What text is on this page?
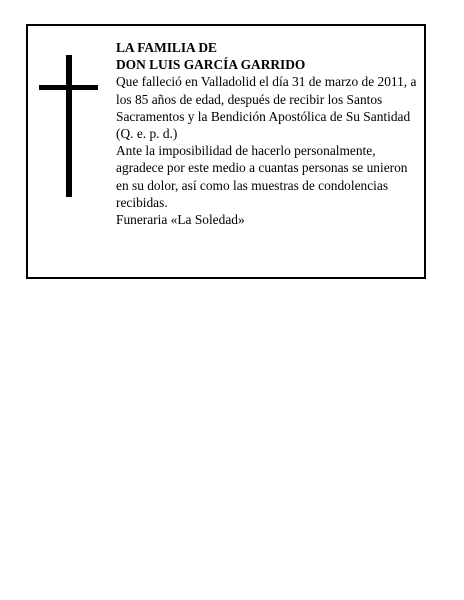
LA FAMILIA DE

DON LUIS GARCÍA GARRIDO

Que falleció en Valladolid el día 31 de marzo de 2011, a los 85 años de edad, después de recibir los Santos Sacramentos y la Bendición Apostólica de Su Santidad (Q. e. p. d.)

Ante la imposibilidad de hacerlo personalmente, agradece por este medio a cuantas personas se unieron en su dolor, así como las muestras de condolencias recibidas.

Funeraria «La Soledad»
